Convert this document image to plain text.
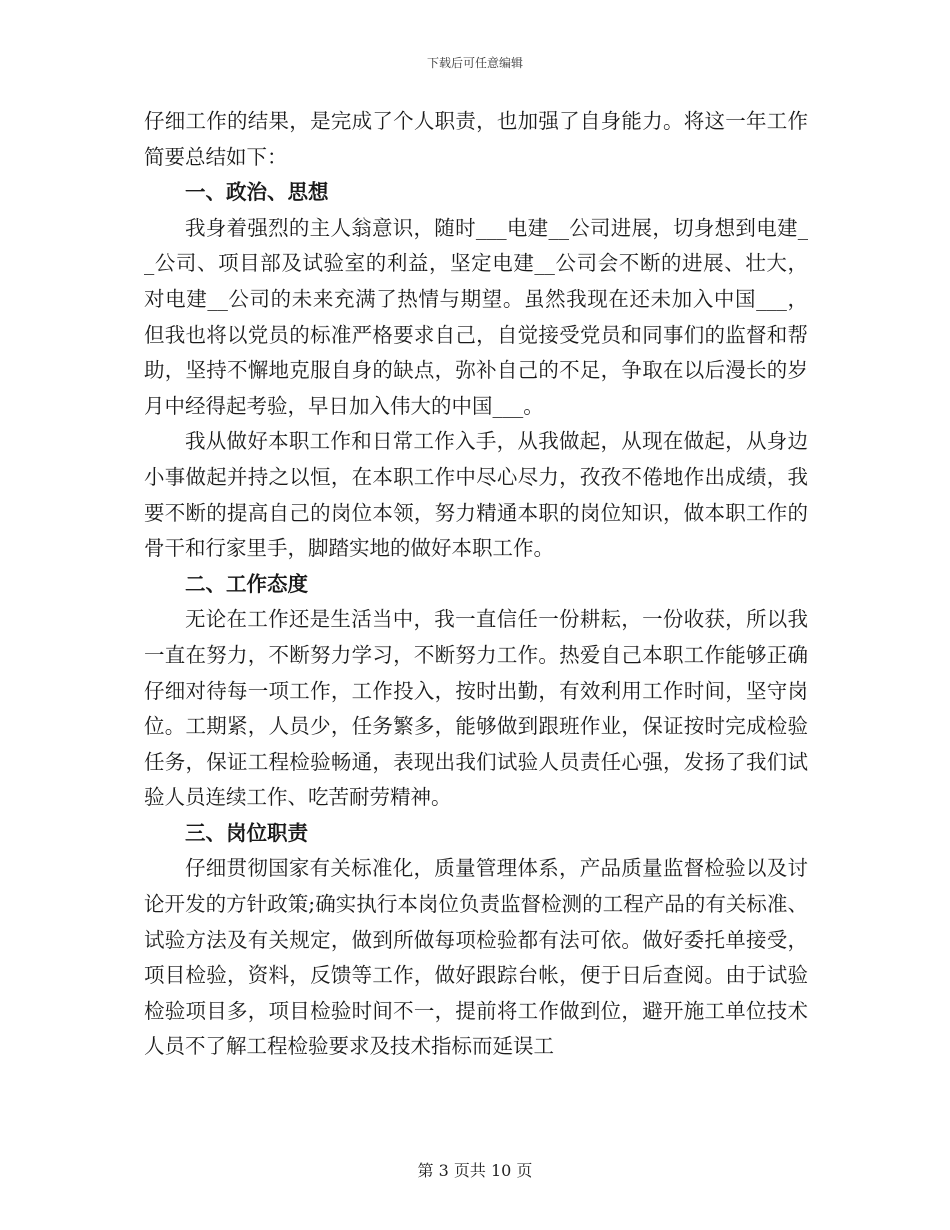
下载后可任意编辑

仔细工作的结果，是完成了个人职责，也加强了自身能力。将这一年工作简要总结如下：

一、政治、思想

我身着强烈的主人翁意识，随时___电建__公司进展，切身想到电建__公司、项目部及试验室的利益，坚定电建__公司会不断的进展、壮大，对电建__公司的未来充满了热情与期望。虽然我现在还未加入中国___，但我也将以党员的标准严格要求自己，自觉接受党员和同事们的监督和帮助，坚持不懈地克服自身的缺点，弥补自己的不足，争取在以后漫长的岁月中经得起考验，早日加入伟大的中国___。

我从做好本职工作和日常工作入手，从我做起，从现在做起，从身边小事做起并持之以恒，在本职工作中尽心尽力，孜孜不倦地作出成绩，我要不断的提高自己的岗位本领，努力精通本职的岗位知识，做本职工作的骨干和行家里手，脚踏实地的做好本职工作。

二、工作态度

无论在工作还是生活当中，我一直信任一份耕耘，一份收获，所以我一直在努力，不断努力学习，不断努力工作。热爱自己本职工作能够正确仔细对待每一项工作，工作投入，按时出勤，有效利用工作时间，坚守岗位。工期紧，人员少，任务繁多，能够做到跟班作业，保证按时完成检验任务，保证工程检验畅通，表现出我们试验人员责任心强，发扬了我们试验人员连续工作、吃苦耐劳精神。

三、岗位职责

仔细贯彻国家有关标准化，质量管理体系，产品质量监督检验以及讨论开发的方针政策;确实执行本岗位负责监督检测的工程产品的有关标准、试验方法及有关规定，做到所做每项检验都有法可依。做好委托单接受，项目检验，资料，反馈等工作，做好跟踪台帐，便于日后查阅。由于试验检验项目多，项目检验时间不一，提前将工作做到位，避开施工单位技术人员不了解工程检验要求及技术指标而延误工

第 3 页共 10 页
